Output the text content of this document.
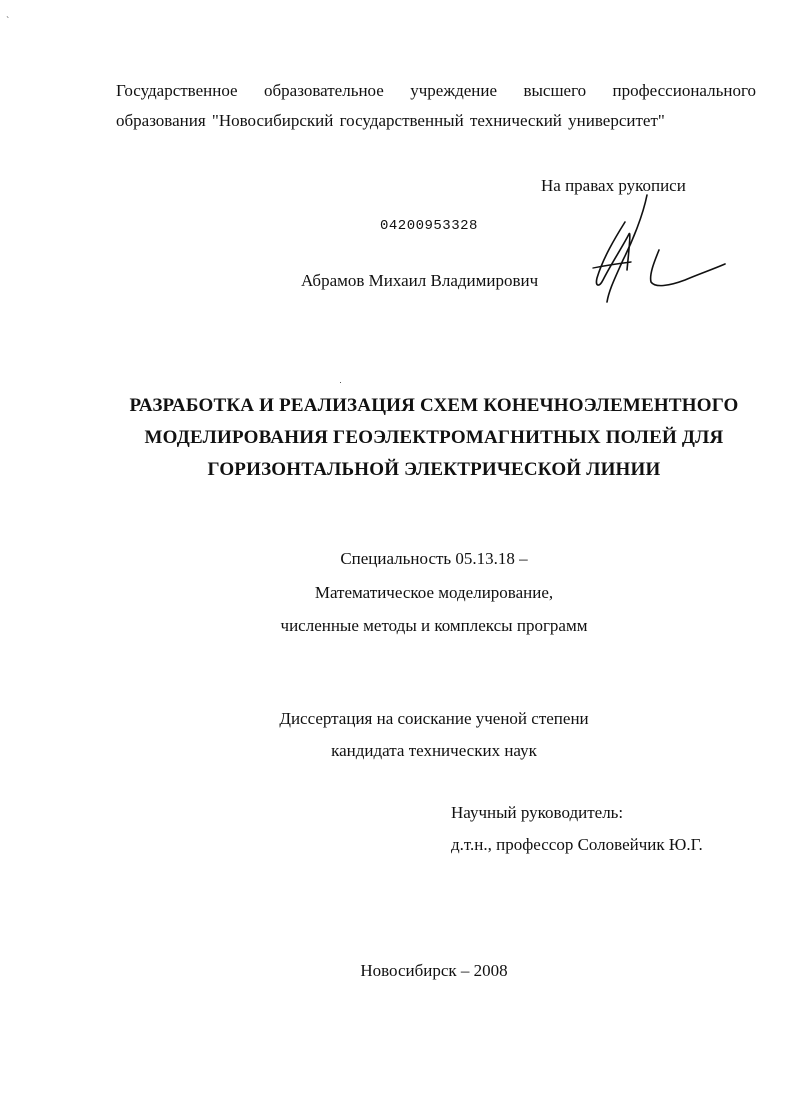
`
Государственное образовательное учреждение высшего профессионального
образования "Новосибирский государственный технический университет"
На правах рукописи
04200953328
Абрамов Михаил Владимирович
РАЗРАБОТКА И РЕАЛИЗАЦИЯ СХЕМ КОНЕЧНОЭЛЕМЕНТНОГО
МОДЕЛИРОВАНИЯ ГЕОЭЛЕКТРОМАГНИТНЫХ ПОЛЕЙ ДЛЯ
ГОРИЗОНТАЛЬНОЙ ЭЛЕКТРИЧЕСКОЙ ЛИНИИ
Специальность 05.13.18 –
Математическое моделирование,
численные методы и комплексы программ
Диссертация на соискание ученой степени
кандидата технических наук
Научный руководитель:
д.т.н., профессор Соловейчик Ю.Г.
Новосибирск – 2008
